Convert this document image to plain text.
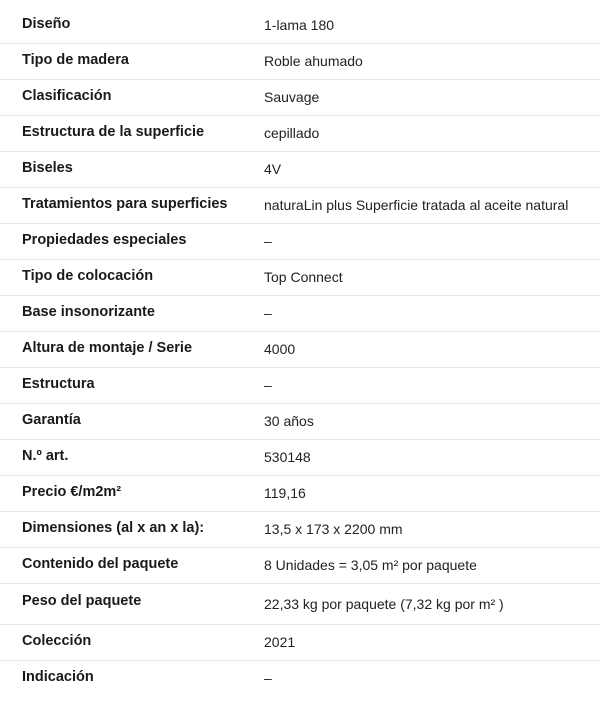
Diseño	1-lama 180
Tipo de madera	Roble ahumado
Clasificación	Sauvage
Estructura de la superficie	cepillado
Biseles	4V
Tratamientos para superficies	naturaLin plus Superficie tratada al aceite natural
Propiedades especiales	–
Tipo de colocación	Top Connect
Base insonorizante	–
Altura de montaje / Serie	4000
Estructura	–
Garantía	30 años
N.º art.	530148
Precio €/m2m²	119,16
Dimensiones (al x an x la):	13,5 x 173 x 2200 mm
Contenido del paquete	8 Unidades = 3,05 m² por paquete
Peso del paquete	22,33 kg por paquete (7,32 kg por m² )
Colección	2021
Indicación	–
